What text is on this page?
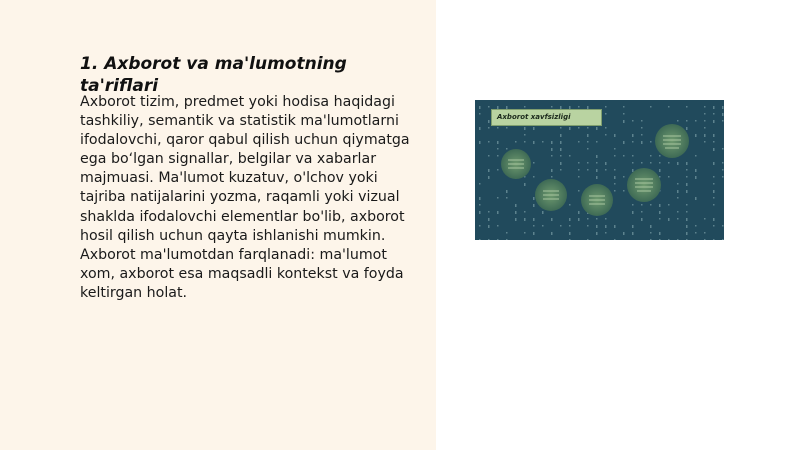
1. Axborot va ma'lumotning ta'riflari

Axborot tizim, predmet yoki hodisa haqidagi tashkiliy, semantik va statistik ma'lumotlarni ifodalovchi, qaror qabul qilish uchun qiymatga ega bo‘lgan signallar, belgilar va xabarlar majmuasi. Ma'lumot kuzatuv, o'lchov yoki tajriba natijalarini yozma, raqamli yoki vizual shaklda ifodalovchi elementlar bo'lib, axborot hosil qilish uchun qayta ishlanishi mumkin. Axborot ma'lumotdan farqlanadi: ma'lumot xom, axborot esa maqsadli kontekst va foyda keltirgan holat.

Axborot xavfsizligi
